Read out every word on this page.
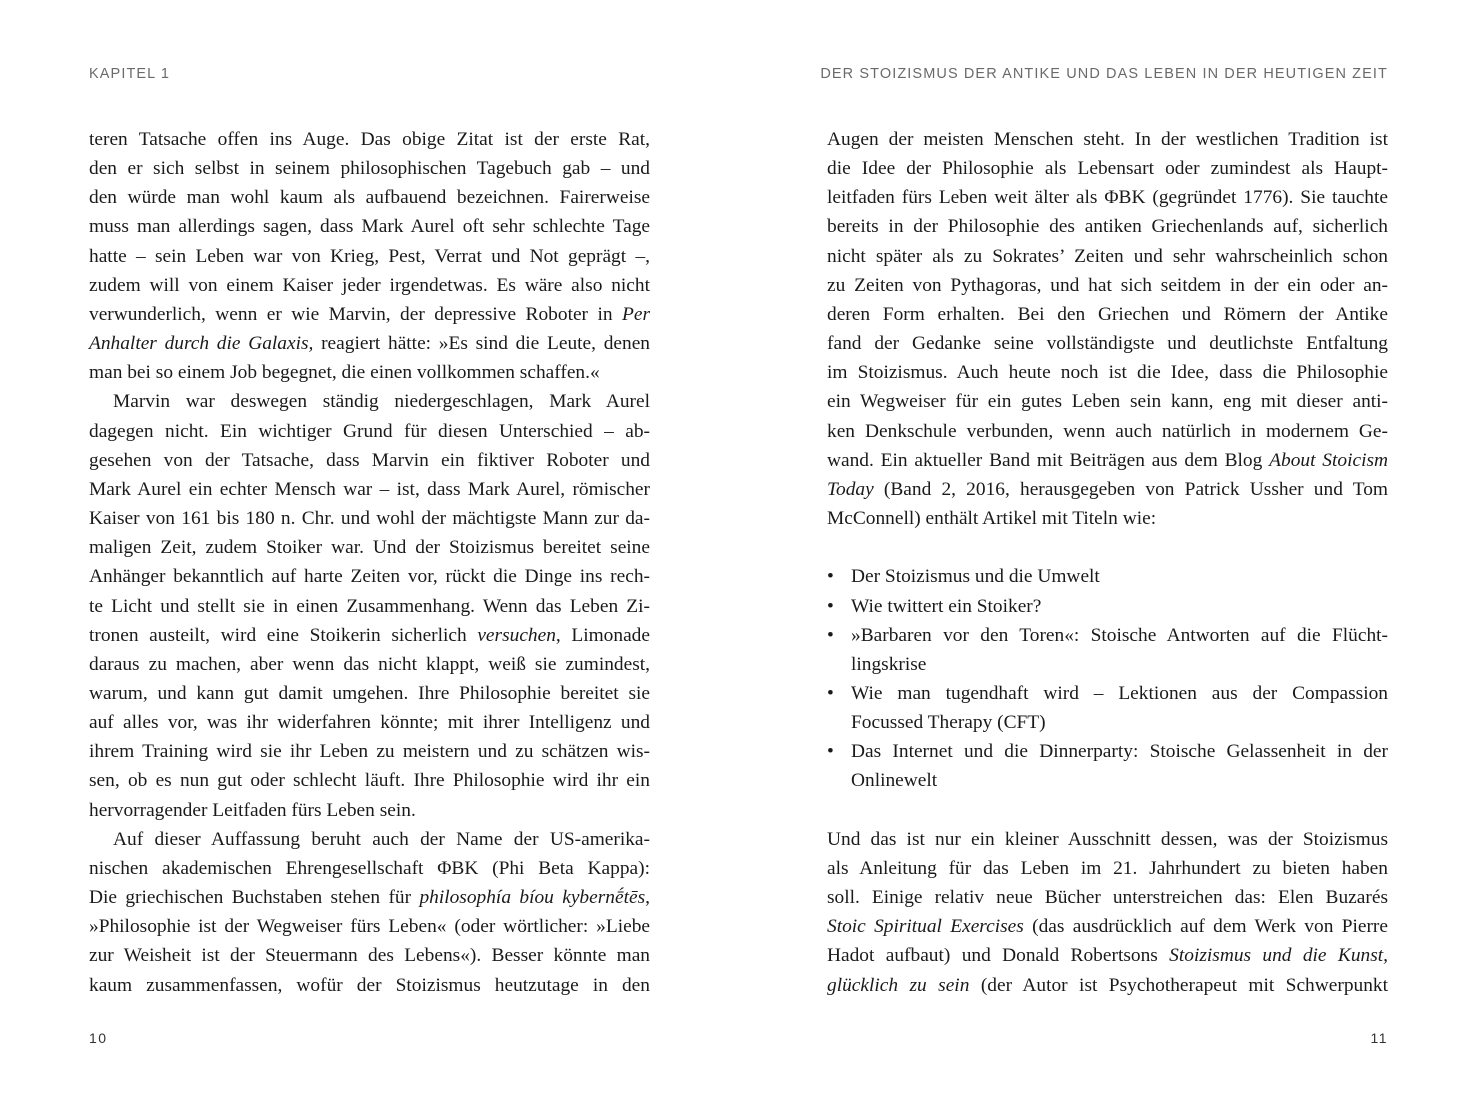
KAPITEL 1	DER STOIZISMUS DER ANTIKE UND DAS LEBEN IN DER HEUTIGEN ZEIT
teren Tatsache offen ins Auge. Das obige Zitat ist der erste Rat,
den er sich selbst in seinem philosophischen Tagebuch gab – und
den würde man wohl kaum als aufbauend bezeichnen. Fairerweise
muss man allerdings sagen, dass Mark Aurel oft sehr schlechte Tage
hatte – sein Leben war von Krieg, Pest, Verrat und Not geprägt –,
zudem will von einem Kaiser jeder irgendetwas. Es wäre also nicht
verwunderlich, wenn er wie Marvin, der depressive Roboter in Per
Anhalter durch die Galaxis, reagiert hätte: »Es sind die Leute, denen
man bei so einem Job begegnet, die einen vollkommen schaffen.«
Marvin war deswegen ständig niedergeschlagen, Mark Aurel
dagegen nicht. Ein wichtiger Grund für diesen Unterschied – ab-
gesehen von der Tatsache, dass Marvin ein fiktiver Roboter und
Mark Aurel ein echter Mensch war – ist, dass Mark Aurel, römischer
Kaiser von 161 bis 180 n. Chr. und wohl der mächtigste Mann zur da-
maligen Zeit, zudem Stoiker war. Und der Stoizismus bereitet seine
Anhänger bekanntlich auf harte Zeiten vor, rückt die Dinge ins rech-
te Licht und stellt sie in einen Zusammenhang. Wenn das Leben Zi-
tronen austeilt, wird eine Stoikerin sicherlich versuchen, Limonade
daraus zu machen, aber wenn das nicht klappt, weiß sie zumindest,
warum, und kann gut damit umgehen. Ihre Philosophie bereitet sie
auf alles vor, was ihr widerfahren könnte; mit ihrer Intelligenz und
ihrem Training wird sie ihr Leben zu meistern und zu schätzen wis-
sen, ob es nun gut oder schlecht läuft. Ihre Philosophie wird ihr ein
hervorragender Leitfaden fürs Leben sein.
Auf dieser Auffassung beruht auch der Name der US-amerika-
nischen akademischen Ehrengesellschaft ΦBK (Phi Beta Kappa):
Die griechischen Buchstaben stehen für philosophía bíou kybernḗtēs,
»Philosophie ist der Wegweiser fürs Leben« (oder wörtlicher: »Liebe
zur Weisheit ist der Steuermann des Lebens«). Besser könnte man
kaum zusammenfassen, wofür der Stoizismus heutzutage in den
Augen der meisten Menschen steht. In der westlichen Tradition ist
die Idee der Philosophie als Lebensart oder zumindest als Haupt-
leitfaden fürs Leben weit älter als ΦBK (gegründet 1776). Sie tauchte
bereits in der Philosophie des antiken Griechenlands auf, sicherlich
nicht später als zu Sokrates’ Zeiten und sehr wahrscheinlich schon
zu Zeiten von Pythagoras, und hat sich seitdem in der ein oder an-
deren Form erhalten. Bei den Griechen und Römern der Antike
fand der Gedanke seine vollständigste und deutlichste Entfaltung
im Stoizismus. Auch heute noch ist die Idee, dass die Philosophie
ein Wegweiser für ein gutes Leben sein kann, eng mit dieser anti-
ken Denkschule verbunden, wenn auch natürlich in modernem Ge-
wand. Ein aktueller Band mit Beiträgen aus dem Blog About Stoicism
Today (Band 2, 2016, herausgegeben von Patrick Ussher und Tom
McConnell) enthält Artikel mit Titeln wie:
• Der Stoizismus und die Umwelt
• Wie twittert ein Stoiker?
• »Barbaren vor den Toren«: Stoische Antworten auf die Flücht-
lingskrise
• Wie man tugendhaft wird – Lektionen aus der Compassion
Focussed Therapy (CFT)
• Das Internet und die Dinnerparty: Stoische Gelassenheit in der
Onlinewelt
Und das ist nur ein kleiner Ausschnitt dessen, was der Stoizismus
als Anleitung für das Leben im 21. Jahrhundert zu bieten haben
soll. Einige relativ neue Bücher unterstreichen das: Elen Buzarés
Stoic Spiritual Exercises (das ausdrücklich auf dem Werk von Pierre
Hadot aufbaut) und Donald Robertsons Stoizismus und die Kunst,
glücklich zu sein (der Autor ist Psychotherapeut mit Schwerpunkt
10	11
